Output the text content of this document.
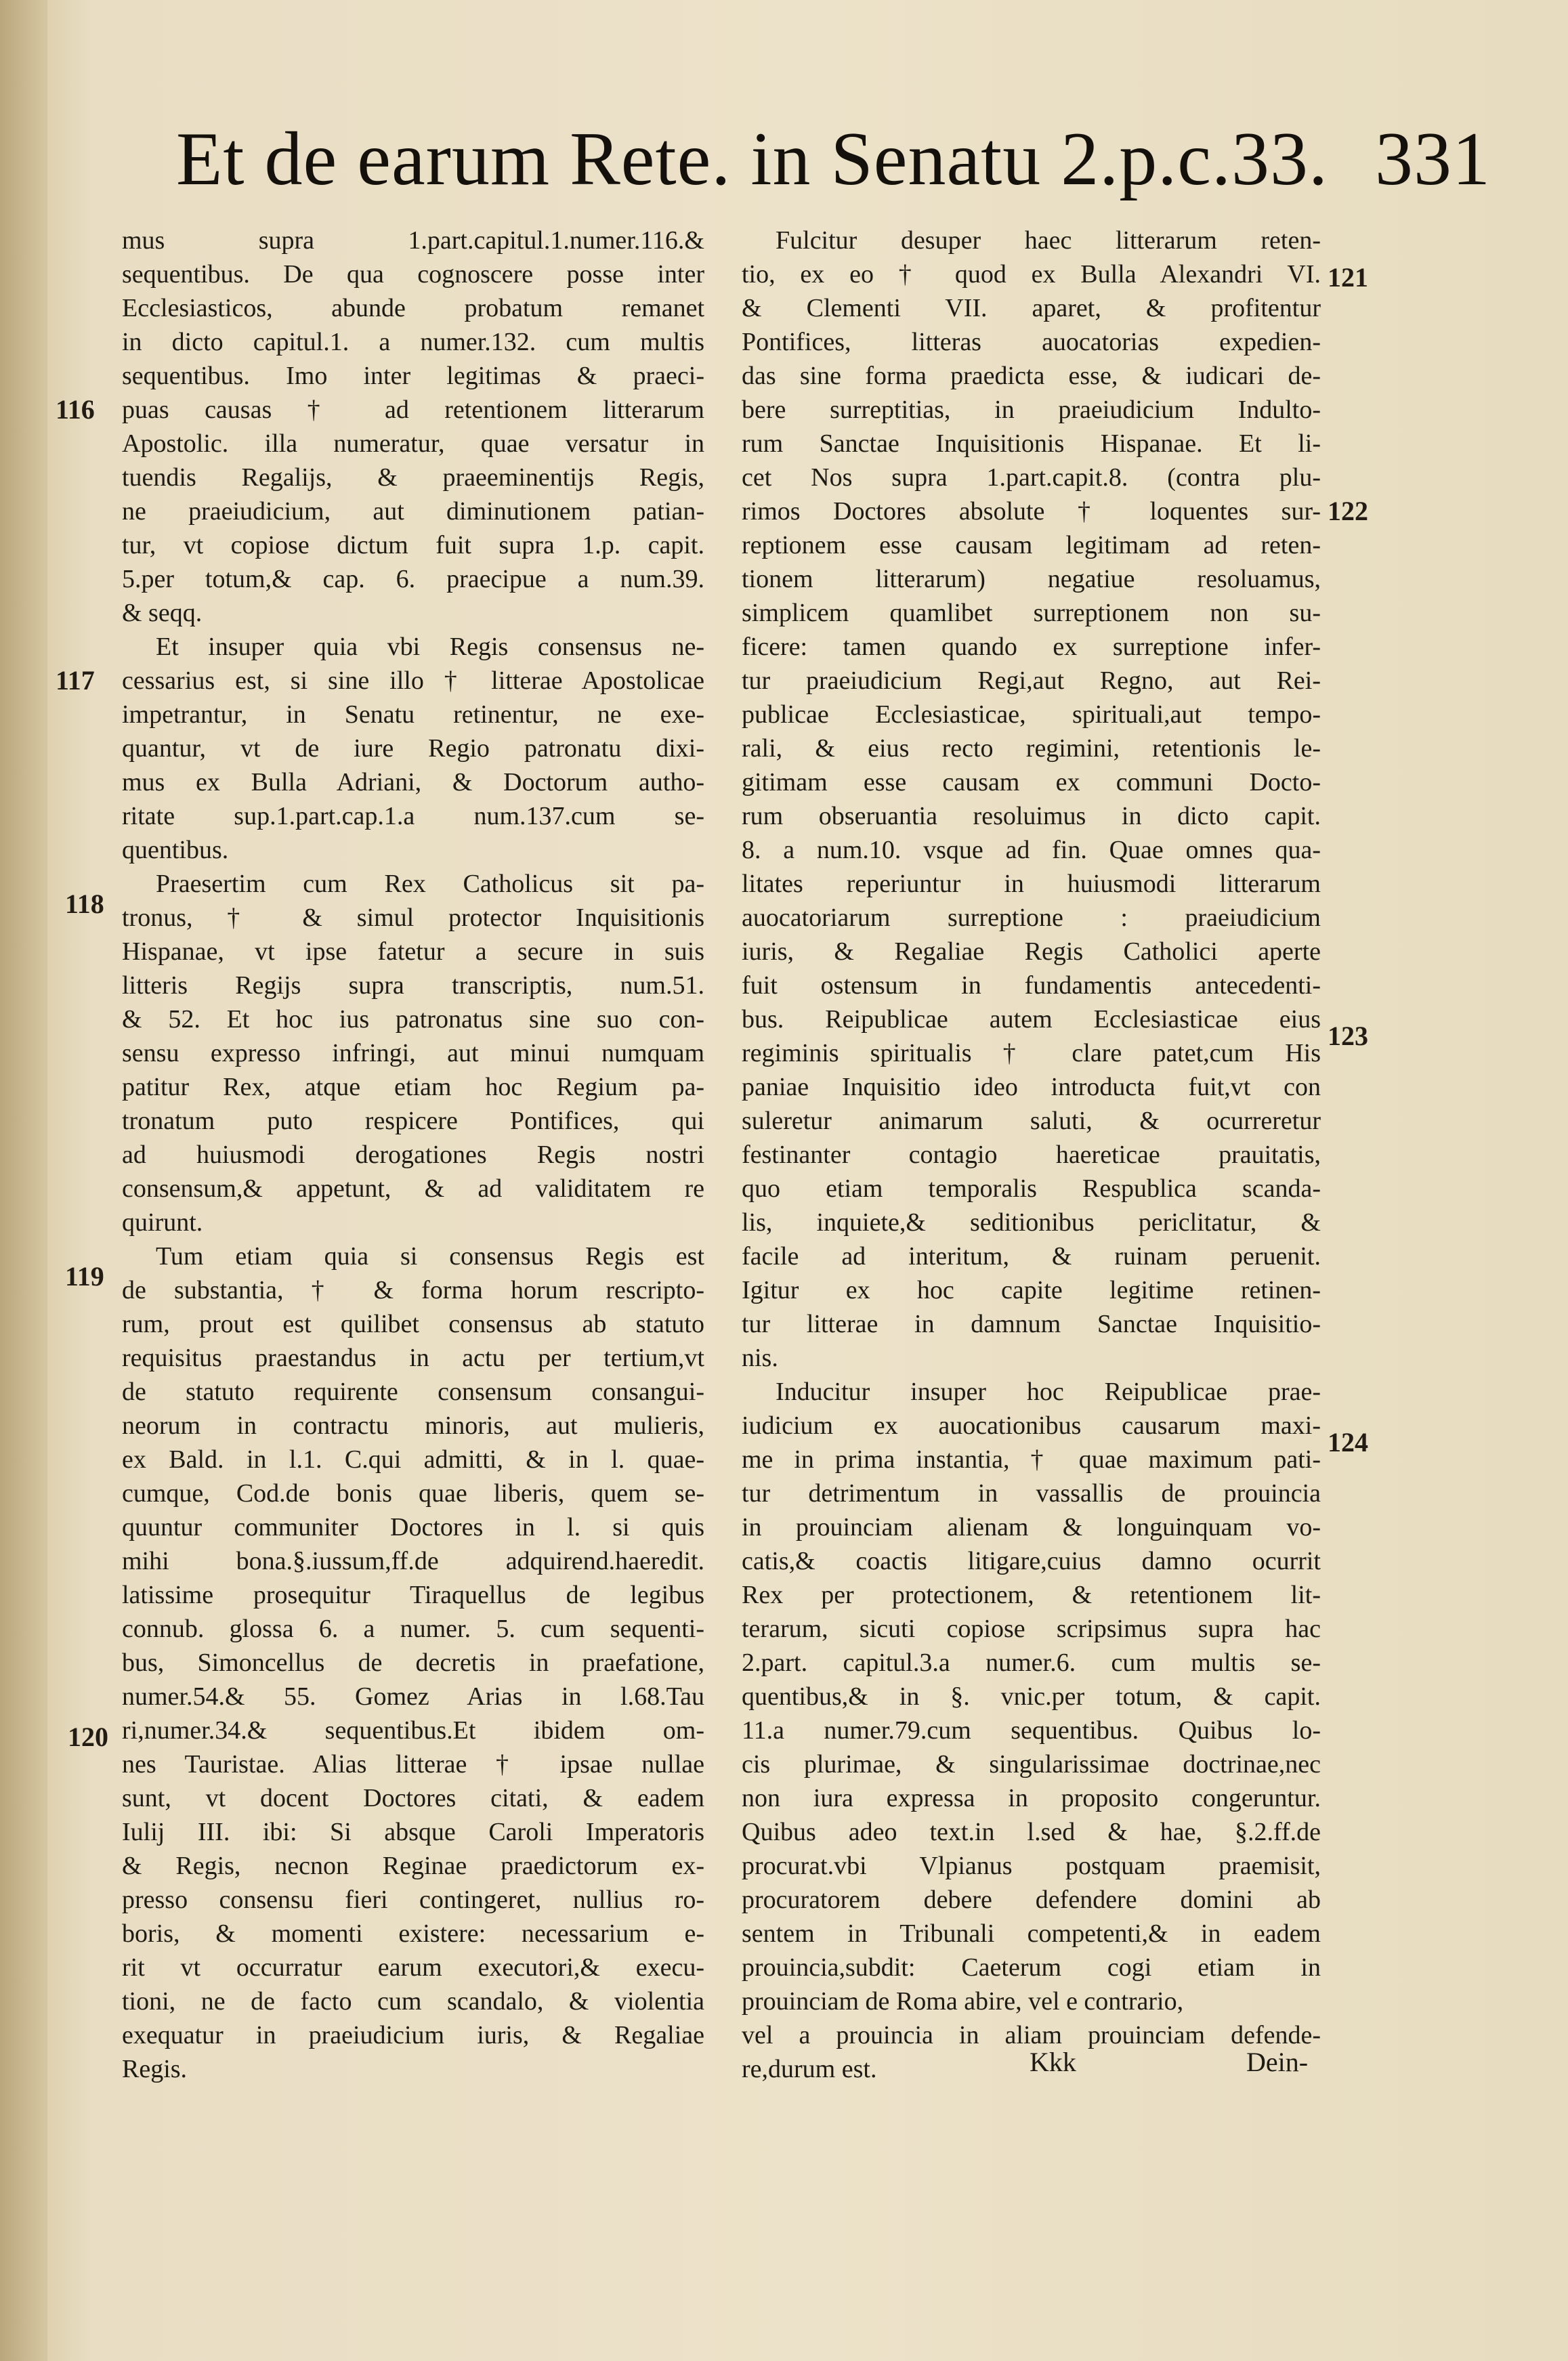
Et de earum Rete. in Senatu 2.p.c.33. 331
mus supra 1.part.capitul.1.numer.116.&
sequentibus. De qua cognoscere posse inter
Ecclesiasticos, abunde probatum remanet
in dicto capitul.1. a numer.132. cum multis
sequentibus. Imo inter legitimas & praeci-
puas causas † ad retentionem litterarum
Apostolic. illa numeratur, quae versatur in
tuendis Regalijs, & praeeminentijs Regis,
ne praeiudicium, aut diminutionem patian-
tur, vt copiose dictum fuit supra 1.p. capit.
5.per totum,& cap. 6. praecipue a num.39.
& seqq.
Et insuper quia vbi Regis consensus ne-
cessarius est, si sine illo † litterae Apostolicae
impetrantur, in Senatu retinentur, ne exe-
quantur, vt de iure Regio patronatu dixi-
mus ex Bulla Adriani, & Doctorum autho-
ritate sup.1.part.cap.1.a num.137.cum se-
quentibus.
Praesertim cum Rex Catholicus sit pa-
tronus, † & simul protector Inquisitionis
Hispanae, vt ipse fatetur a secure in suis
litteris Regijs supra transcriptis, num.51.
& 52. Et hoc ius patronatus sine suo con-
sensu expresso infringi, aut minui numquam
patitur Rex, atque etiam hoc Regium pa-
tronatum puto respicere Pontifices, qui
ad huiusmodi derogationes Regis nostri
consensum,& appetunt, & ad validitatem re
quirunt.
Tum etiam quia si consensus Regis est
de substantia, † & forma horum rescripto-
rum, prout est quilibet consensus ab statuto
requisitus praestandus in actu per tertium,vt
de statuto requirente consensum consangui-
neorum in contractu minoris, aut mulieris,
ex Bald. in l.1. C.qui admitti, & in l. quae-
cumque, Cod.de bonis quae liberis, quem se-
quuntur communiter Doctores in l. si quis
mihi bona.§.iussum,ff.de adquirend.haeredit.
latissime prosequitur Tiraquellus de legibus
connub. glossa 6. a numer. 5. cum sequenti-
bus, Simoncellus de decretis in praefatione,
numer.54.& 55. Gomez Arias in l.68.Tau
ri,numer.34.& sequentibus.Et ibidem om-
nes Tauristae. Alias litterae † ipsae nullae
sunt, vt docent Doctores citati, & eadem
Iulij III. ibi: Si absque Caroli Imperatoris
& Regis, necnon Reginae praedictorum ex-
presso consensu fieri contingeret, nullius ro-
boris, & momenti existere: necessarium e-
rit vt occurratur earum executori,& execu-
tioni, ne de facto cum scandalo, & violentia
exequatur in praeiudicium iuris, & Regaliae
Regis.
Fulcitur desuper haec litterarum reten-
tio, ex eo † quod ex Bulla Alexandri VI.
& Clementi VII. aparet, & profitentur
Pontifices, litteras auocatorias expedien-
das sine forma praedicta esse, & iudicari de-
bere surreptitias, in praeiudicium Indulto-
rum Sanctae Inquisitionis Hispanae. Et li-
cet Nos supra 1.part.capit.8. (contra plu-
rimos Doctores absolute † loquentes sur-
reptionem esse causam legitimam ad reten-
tionem litterarum) negatiue resoluamus,
simplicem quamlibet surreptionem non su-
ficere: tamen quando ex surreptione infer-
tur praeiudicium Regi,aut Regno, aut Rei-
publicae Ecclesiasticae, spirituali,aut tempo-
rali, & eius recto regimini, retentionis le-
gitimam esse causam ex communi Docto-
rum obseruantia resoluimus in dicto capit.
8. a num.10. vsque ad fin. Quae omnes qua-
litates reperiuntur in huiusmodi litterarum
auocatoriarum surreptione : praeiudicium
iuris, & Regaliae Regis Catholici aperte
fuit ostensum in fundamentis antecedenti-
bus. Reipublicae autem Ecclesiasticae eius
regiminis spiritualis † clare patet,cum His
paniae Inquisitio ideo introducta fuit,vt con
suleretur animarum saluti, & ocurreretur
festinanter contagio haereticae prauitatis,
quo etiam temporalis Respublica scanda-
lis, inquiete,& seditionibus periclitatur, &
facile ad interitum, & ruinam peruenit.
Igitur ex hoc capite legitime retinen-
tur litterae in damnum Sanctae Inquisitio-
nis.
Inducitur insuper hoc Reipublicae prae-
iudicium ex auocationibus causarum maxi-
me in prima instantia, † quae maximum pati-
tur detrimentum in vassallis de prouincia
in prouinciam alienam & longuinquam vo-
catis,& coactis litigare,cuius damno ocurrit
Rex per protectionem, & retentionem lit-
terarum, sicuti copiose scripsimus supra hac
2.part. capitul.3.a numer.6. cum multis se-
quentibus,& in §. vnic.per totum, & capit.
11.a numer.79.cum sequentibus. Quibus lo-
cis plurimae, & singularissimae doctrinae,nec
non iura expressa in proposito congeruntur.
Quibus adeo text.in l.sed & hae, §.2.ff.de
procurat.vbi Vlpianus postquam praemisit,
procuratorem debere defendere domini ab
sentem in Tribunali competenti,& in eadem
prouincia,subdit: Caeterum cogi etiam in
prouinciam de Roma abire, vel e contrario,
vel a prouincia in aliam prouinciam defende-
re,durum est.
116
117
118
119
120
121
122
123
124
Kkk	Dein-
